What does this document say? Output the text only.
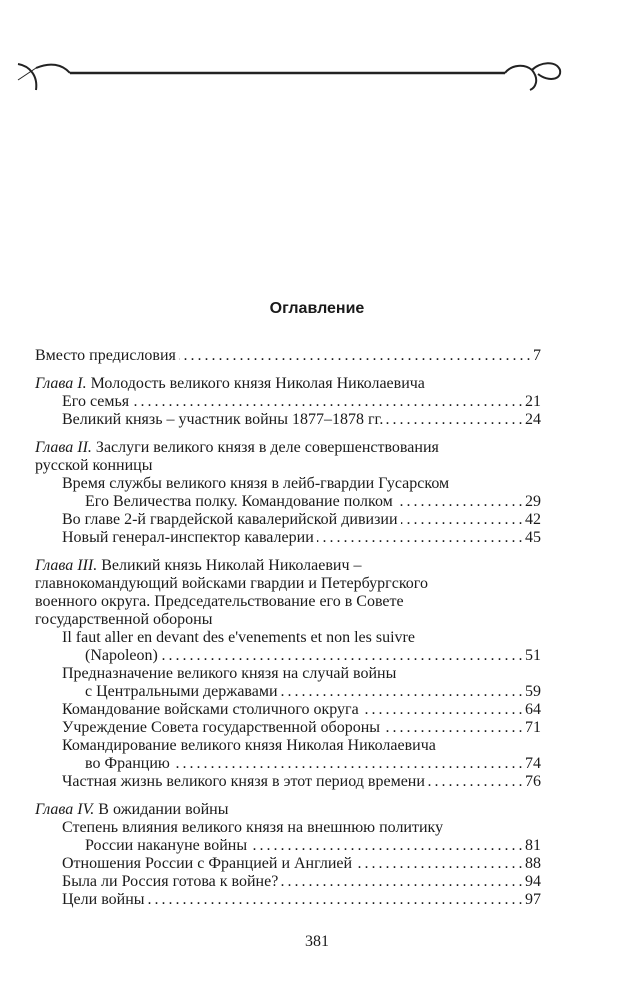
Оглавление
Вместо предисловия . . .	7
Глава I.
Молодость великого князя Николая Николаевича
Его семья . . .	21
Великий князь – участник войны 1877–1878 гг. . . .	24
Глава II.
Заслуги великого князя в деле совершенствования
русской конницы
Время службы великого князя в лейб-гвардии Гусарском
Его Величества полку. Командование полком . . .	29
Во главе 2-й гвардейской кавалерийской дивизии . . .	42
Новый генерал-инспектор кавалерии . . .	45
Глава III.
Великий князь Николай Николаевич –
главнокомандующий войсками гвардии и Петербургского
военного округа. Председательствование его в Совете
государственной обороны
Il faut aller en devant des e'venements et non les suivre
(Napoleon) . . .	51
Предназначение великого князя на случай войны
с Центральными державами . . .	59
Командование войсками столичного округа . . .	64
Учреждение Совета государственной обороны . . .	71
Командирование великого князя Николая Николаевича
во Францию . . .	74
Частная жизнь великого князя в этот период времени . . .	76
Глава IV.
В ожидании войны
Степень влияния великого князя на внешнюю политику
России накануне войны . . .	81
Отношения России с Францией и Англией . . .	88
Была ли Россия готова к войне? . . .	94
Цели войны . . .	97
381
